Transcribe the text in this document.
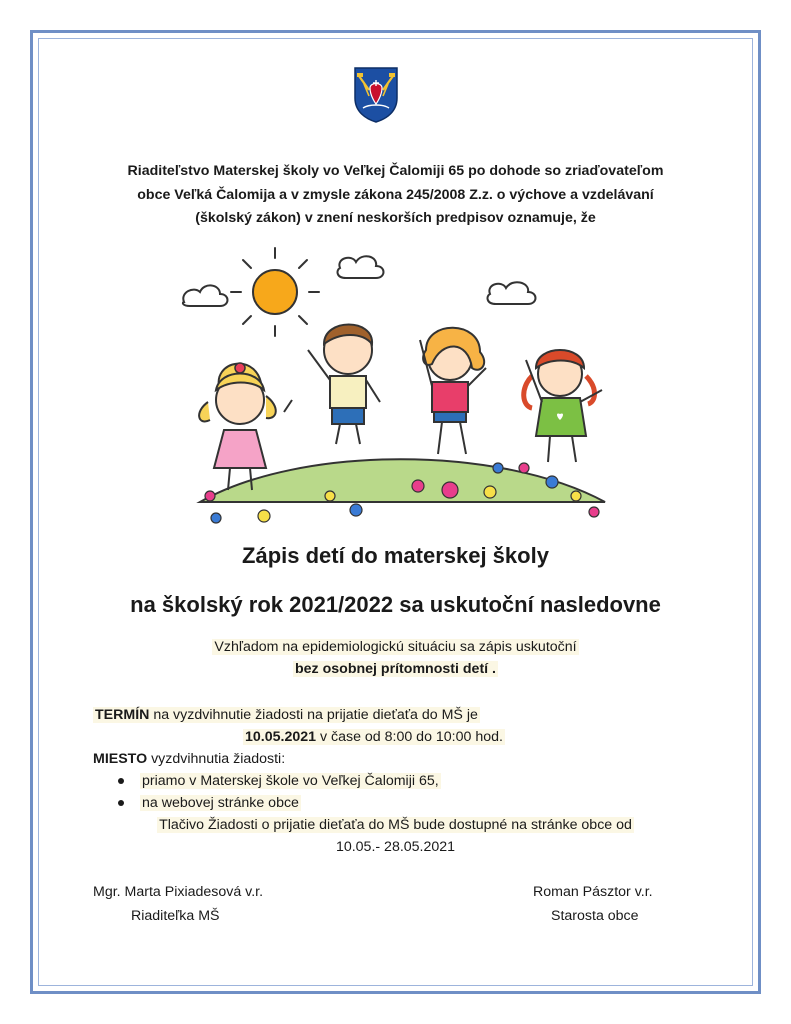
Riaditeľstvo Materskej školy vo Veľkej Čalomiji 65 po dohode so zriaďovateľom
obce Veľká Čalomija a v zmysle zákona 245/2008 Z.z. o výchove a vzdelávaní
(školský zákon) v znení neskorších predpisov oznamuje, že
Zápis detí do materskej školy
na školský rok 2021/2022 sa uskutoční nasledovne
Vzhľadom na epidemiologickú situáciu sa zápis uskutoční
bez osobnej prítomnosti detí .
TERMÍN na vyzdvihnutie žiadosti na prijatie dieťaťa do MŠ je
10.05.2021 v čase od 8:00 do 10:00 hod.
MIESTO vyzdvihnutia žiadosti:
priamo v Materskej škole vo Veľkej Čalomiji 65,
na webovej stránke obce
Tlačivo Žiadosti o prijatie dieťaťa do MŠ bude dostupné na stránke obce od
10.05.- 28.05.2021
Mgr. Marta Pixiadesová v.r.
Riaditeľka MŠ
Roman Pásztor v.r.
Starosta obce
